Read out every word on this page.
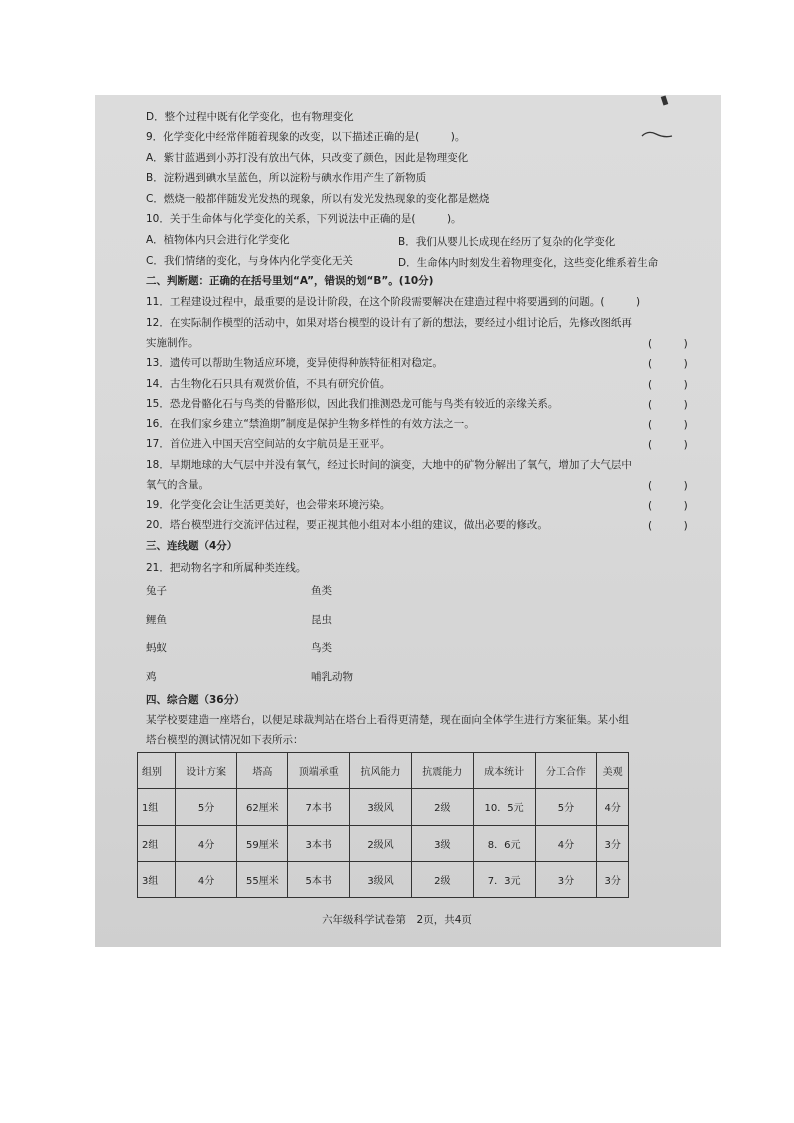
D．整个过程中既有化学变化，也有物理变化
9．化学变化中经常伴随着现象的改变，以下描述正确的是(　　　)。
A．紫甘蓝遇到小苏打没有放出气体，只改变了颜色，因此是物理变化
B．淀粉遇到碘水呈蓝色，所以淀粉与碘水作用产生了新物质
C．燃烧一般都伴随发光发热的现象，所以有发光发热现象的变化都是燃烧
10．关于生命体与化学变化的关系，下列说法中正确的是(　　　)。
A．植物体内只会进行化学变化	B．我们从婴儿长成现在经历了复杂的化学变化
C．我们情绪的变化，与身体内化学变化无关	D．生命体内时刻发生着物理变化，这些变化维系着生命
二、判断题：正确的在括号里划“A”，错误的划“B”。(10分)
11．工程建设过程中，最重要的是设计阶段，在这个阶段需要解决在建造过程中将要遇到的问题。(　　　)
12．在实际制作模型的活动中，如果对塔台模型的设计有了新的想法，要经过小组讨论后，先修改图纸再
实施制作。	(　　　)
13．遗传可以帮助生物适应环境，变异使得种族特征相对稳定。	(　　　)
14．古生物化石只具有观赏价值，不具有研究价值。	(　　　)
15．恐龙骨骼化石与鸟类的骨骼形似，因此我们推测恐龙可能与鸟类有较近的亲缘关系。	(　　　)
16．在我们家乡建立“禁渔期”制度是保护生物多样性的有效方法之一。	(　　　)
17．首位进入中国天宫空间站的女宇航员是王亚平。	(　　　)
18．早期地球的大气层中并没有氧气，经过长时间的演变，大地中的矿物分解出了氧气，增加了大气层中
氧气的含量。	(　　　)
19．化学变化会让生活更美好，也会带来环境污染。	(　　　)
20．塔台模型进行交流评估过程，要正视其他小组对本小组的建议，做出必要的修改。	(　　　)
三、连线题（4分）
21．把动物名字和所属种类连线。
兔子	鱼类
鲤鱼	昆虫
蚂蚁	鸟类
鸡	哺乳动物
四、综合题（36分）
某学校要建造一座塔台，以便足球裁判站在塔台上看得更清楚，现在面向全体学生进行方案征集。某小组
塔台模型的测试情况如下表所示：
组别	设计方案	塔高	顶端承重	抗风能力	抗震能力	成本统计	分工合作	美观
1组	5分	62厘米	7本书	3级风	2级	10．5元	5分	4分
2组	4分	59厘米	3本书	2级风	3级	8．6元	4分	3分
3组	4分	55厘米	5本书	3级风	2级	7．3元	3分	3分
六年级科学试卷第　2页，共4页
